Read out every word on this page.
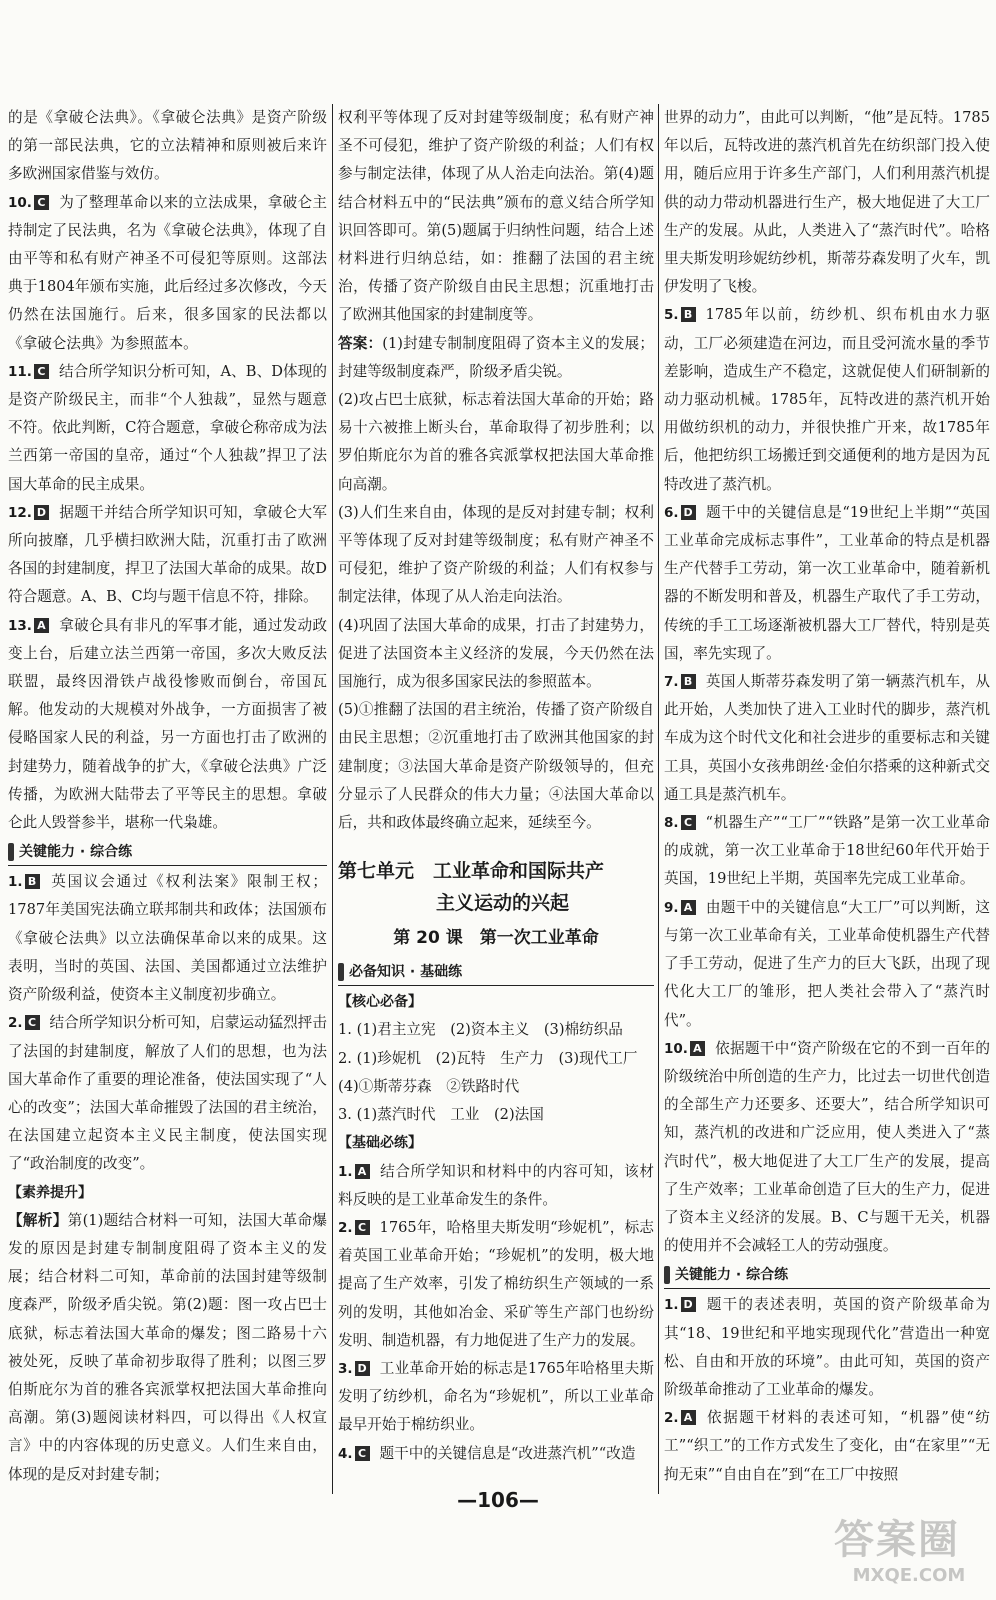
的是《拿破仑法典》。《拿破仑法典》是资产阶级的第一部民法典，它的立法精神和原则被后来许多欧洲国家借鉴与效仿。

10. C 为了整理革命以来的立法成果，拿破仑主持制定了民法典，名为《拿破仑法典》，体现了自由平等和私有财产神圣不可侵犯等原则。这部法典于1804年颁布实施，此后经过多次修改，今天仍然在法国施行。后来，很多国家的民法都以《拿破仑法典》为参照蓝本。

11. C 结合所学知识分析可知，A、B、D体现的是资产阶级民主，而非“个人独裁”，显然与题意不符。依此判断，C符合题意，拿破仑称帝成为法兰西第一帝国的皇帝，通过“个人独裁”捍卫了法国大革命的民主成果。

12. D 据题干并结合所学知识可知，拿破仑大军所向披靡，几乎横扫欧洲大陆，沉重打击了欧洲各国的封建制度，捍卫了法国大革命的成果。故D符合题意。A、B、C均与题干信息不符，排除。

13. A 拿破仑具有非凡的军事才能，通过发动政变上台，后建立法兰西第一帝国，多次大败反法联盟，最终因滑铁卢战役惨败而倒台，帝国瓦解。他发动的大规模对外战争，一方面损害了被侵略国家人民的利益，另一方面也打击了欧洲的封建势力，随着战争的扩大，《拿破仑法典》广泛传播，为欧洲大陆带去了平等民主的思想。拿破仑此人毁誉参半，堪称一代枭雄。

关键能力 · 综合练

1. B 英国议会通过《权利法案》限制王权；1787年美国宪法确立联邦制共和政体；法国颁布《拿破仑法典》以立法确保革命以来的成果。这表明，当时的英国、法国、美国都通过立法维护资产阶级利益，使资本主义制度初步确立。

2. C 结合所学知识分析可知，启蒙运动猛烈抨击了法国的封建制度，解放了人们的思想，也为法国大革命作了重要的理论准备，使法国实现了“人心的改变”；法国大革命摧毁了法国的君主统治，在法国建立起资本主义民主制度，使法国实现了“政治制度的改变”。

【素养提升】

【解析】第(1)题结合材料一可知，法国大革命爆发的原因是封建专制制度阻碍了资本主义的发展；结合材料二可知，革命前的法国封建等级制度森严，阶级矛盾尖锐。第(2)题：图一攻占巴士底狱，标志着法国大革命的爆发；图二路易十六被处死，反映了革命初步取得了胜利；以图三罗伯斯庇尔为首的雅各宾派掌权把法国大革命推向高潮。第(3)题阅读材料四，可以得出《人权宣言》中的内容体现的历史意义。人们生来自由，体现的是反对封建专制；

权利平等体现了反对封建等级制度；私有财产神圣不可侵犯，维护了资产阶级的利益；人们有权参与制定法律，体现了从人治走向法治。第(4)题结合材料五中的“民法典”颁布的意义结合所学知识回答即可。第(5)题属于归纳性问题，结合上述材料进行归纳总结，如：推翻了法国的君主统治，传播了资产阶级自由民主思想；沉重地打击了欧洲其他国家的封建制度等。

答案：(1)封建专制制度阻碍了资本主义的发展；封建等级制度森严，阶级矛盾尖锐。

(2)攻占巴士底狱，标志着法国大革命的开始；路易十六被推上断头台，革命取得了初步胜利；以罗伯斯庇尔为首的雅各宾派掌权把法国大革命推向高潮。

(3)人们生来自由，体现的是反对封建专制；权利平等体现了反对封建等级制度；私有财产神圣不可侵犯，维护了资产阶级的利益；人们有权参与制定法律，体现了从人治走向法治。

(4)巩固了法国大革命的成果，打击了封建势力，促进了法国资本主义经济的发展，今天仍然在法国施行，成为很多国家民法的参照蓝本。

(5)①推翻了法国的君主统治，传播了资产阶级自由民主思想；②沉重地打击了欧洲其他国家的封建制度；③法国大革命是资产阶级领导的，但充分显示了人民群众的伟大力量；④法国大革命以后，共和政体最终确立起来，延续至今。

第七单元　工业革命和国际共产
主义运动的兴起
第 20 课　第一次工业革命
必备知识 · 基础练

【核心必备】

1. (1)君主立宪　(2)资本主义　(3)棉纺织品

2. (1)珍妮机　(2)瓦特　生产力　(3)现代工厂

(4)①斯蒂芬森　②铁路时代

3. (1)蒸汽时代　工业　(2)法国

【基础必练】

1. A 结合所学知识和材料中的内容可知，该材料反映的是工业革命发生的条件。

2. C 1765年，哈格里夫斯发明“珍妮机”，标志着英国工业革命开始；“珍妮机”的发明，极大地提高了生产效率，引发了棉纺织生产领域的一系列的发明，其他如冶金、采矿等生产部门也纷纷发明、制造机器，有力地促进了生产力的发展。

3. D 工业革命开始的标志是1765年哈格里夫斯发明了纺纱机，命名为“珍妮机”，所以工业革命最早开始于棉纺织业。

4. C 题干中的关键信息是“改进蒸汽机”“改造

世界的动力”，由此可以判断，“他”是瓦特。1785年以后，瓦特改进的蒸汽机首先在纺织部门投入使用，随后应用于许多生产部门，人们利用蒸汽机提供的动力带动机器进行生产，极大地促进了大工厂生产的发展。从此，人类进入了“蒸汽时代”。哈格里夫斯发明珍妮纺纱机，斯蒂芬森发明了火车，凯伊发明了飞梭。

5. B 1785年以前，纺纱机、织布机由水力驱动，工厂必须建造在河边，而且受河流水量的季节差影响，造成生产不稳定，这就促使人们研制新的动力驱动机械。1785年，瓦特改进的蒸汽机开始用做纺织机的动力，并很快推广开来，故1785年后，他把纺织工场搬迁到交通便利的地方是因为瓦特改进了蒸汽机。

6. D 题干中的关键信息是“19世纪上半期”“英国工业革命完成标志事件”，工业革命的特点是机器生产代替手工劳动，第一次工业革命中，随着新机器的不断发明和普及，机器生产取代了手工劳动，传统的手工工场逐渐被机器大工厂替代，特别是英国，率先实现了。

7. B 英国人斯蒂芬森发明了第一辆蒸汽机车，从此开始，人类加快了进入工业时代的脚步，蒸汽机车成为这个时代文化和社会进步的重要标志和关键工具，英国小女孩弗朗丝·金伯尔搭乘的这种新式交通工具是蒸汽机车。

8. C “机器生产”“工厂”“铁路”是第一次工业革命的成就，第一次工业革命于18世纪60年代开始于英国，19世纪上半期，英国率先完成工业革命。

9. A 由题干中的关键信息“大工厂”可以判断，这与第一次工业革命有关，工业革命使机器生产代替了手工劳动，促进了生产力的巨大飞跃，出现了现代化大工厂的雏形，把人类社会带入了“蒸汽时代”。

10. A 依据题干中“资产阶级在它的不到一百年的阶级统治中所创造的生产力，比过去一切世代创造的全部生产力还要多、还要大”，结合所学知识可知，蒸汽机的改进和广泛应用，使人类进入了“蒸汽时代”，极大地促进了大工厂生产的发展，提高了生产效率；工业革命创造了巨大的生产力，促进了资本主义经济的发展。B、C与题干无关，机器的使用并不会减轻工人的劳动强度。

关键能力 · 综合练

1. D 题干的表述表明，英国的资产阶级革命为其“18、19世纪和平地实现现代化”营造出一种宽松、自由和开放的环境”。由此可知，英国的资产阶级革命推动了工业革命的爆发。

2. A 依据题干材料的表述可知，“机器”使“纺工”“织工”的工作方式发生了变化，由“在家里”“无拘无束”“自由自在”到“在工厂中按照

—106—
答案圈
MXQE.COM
